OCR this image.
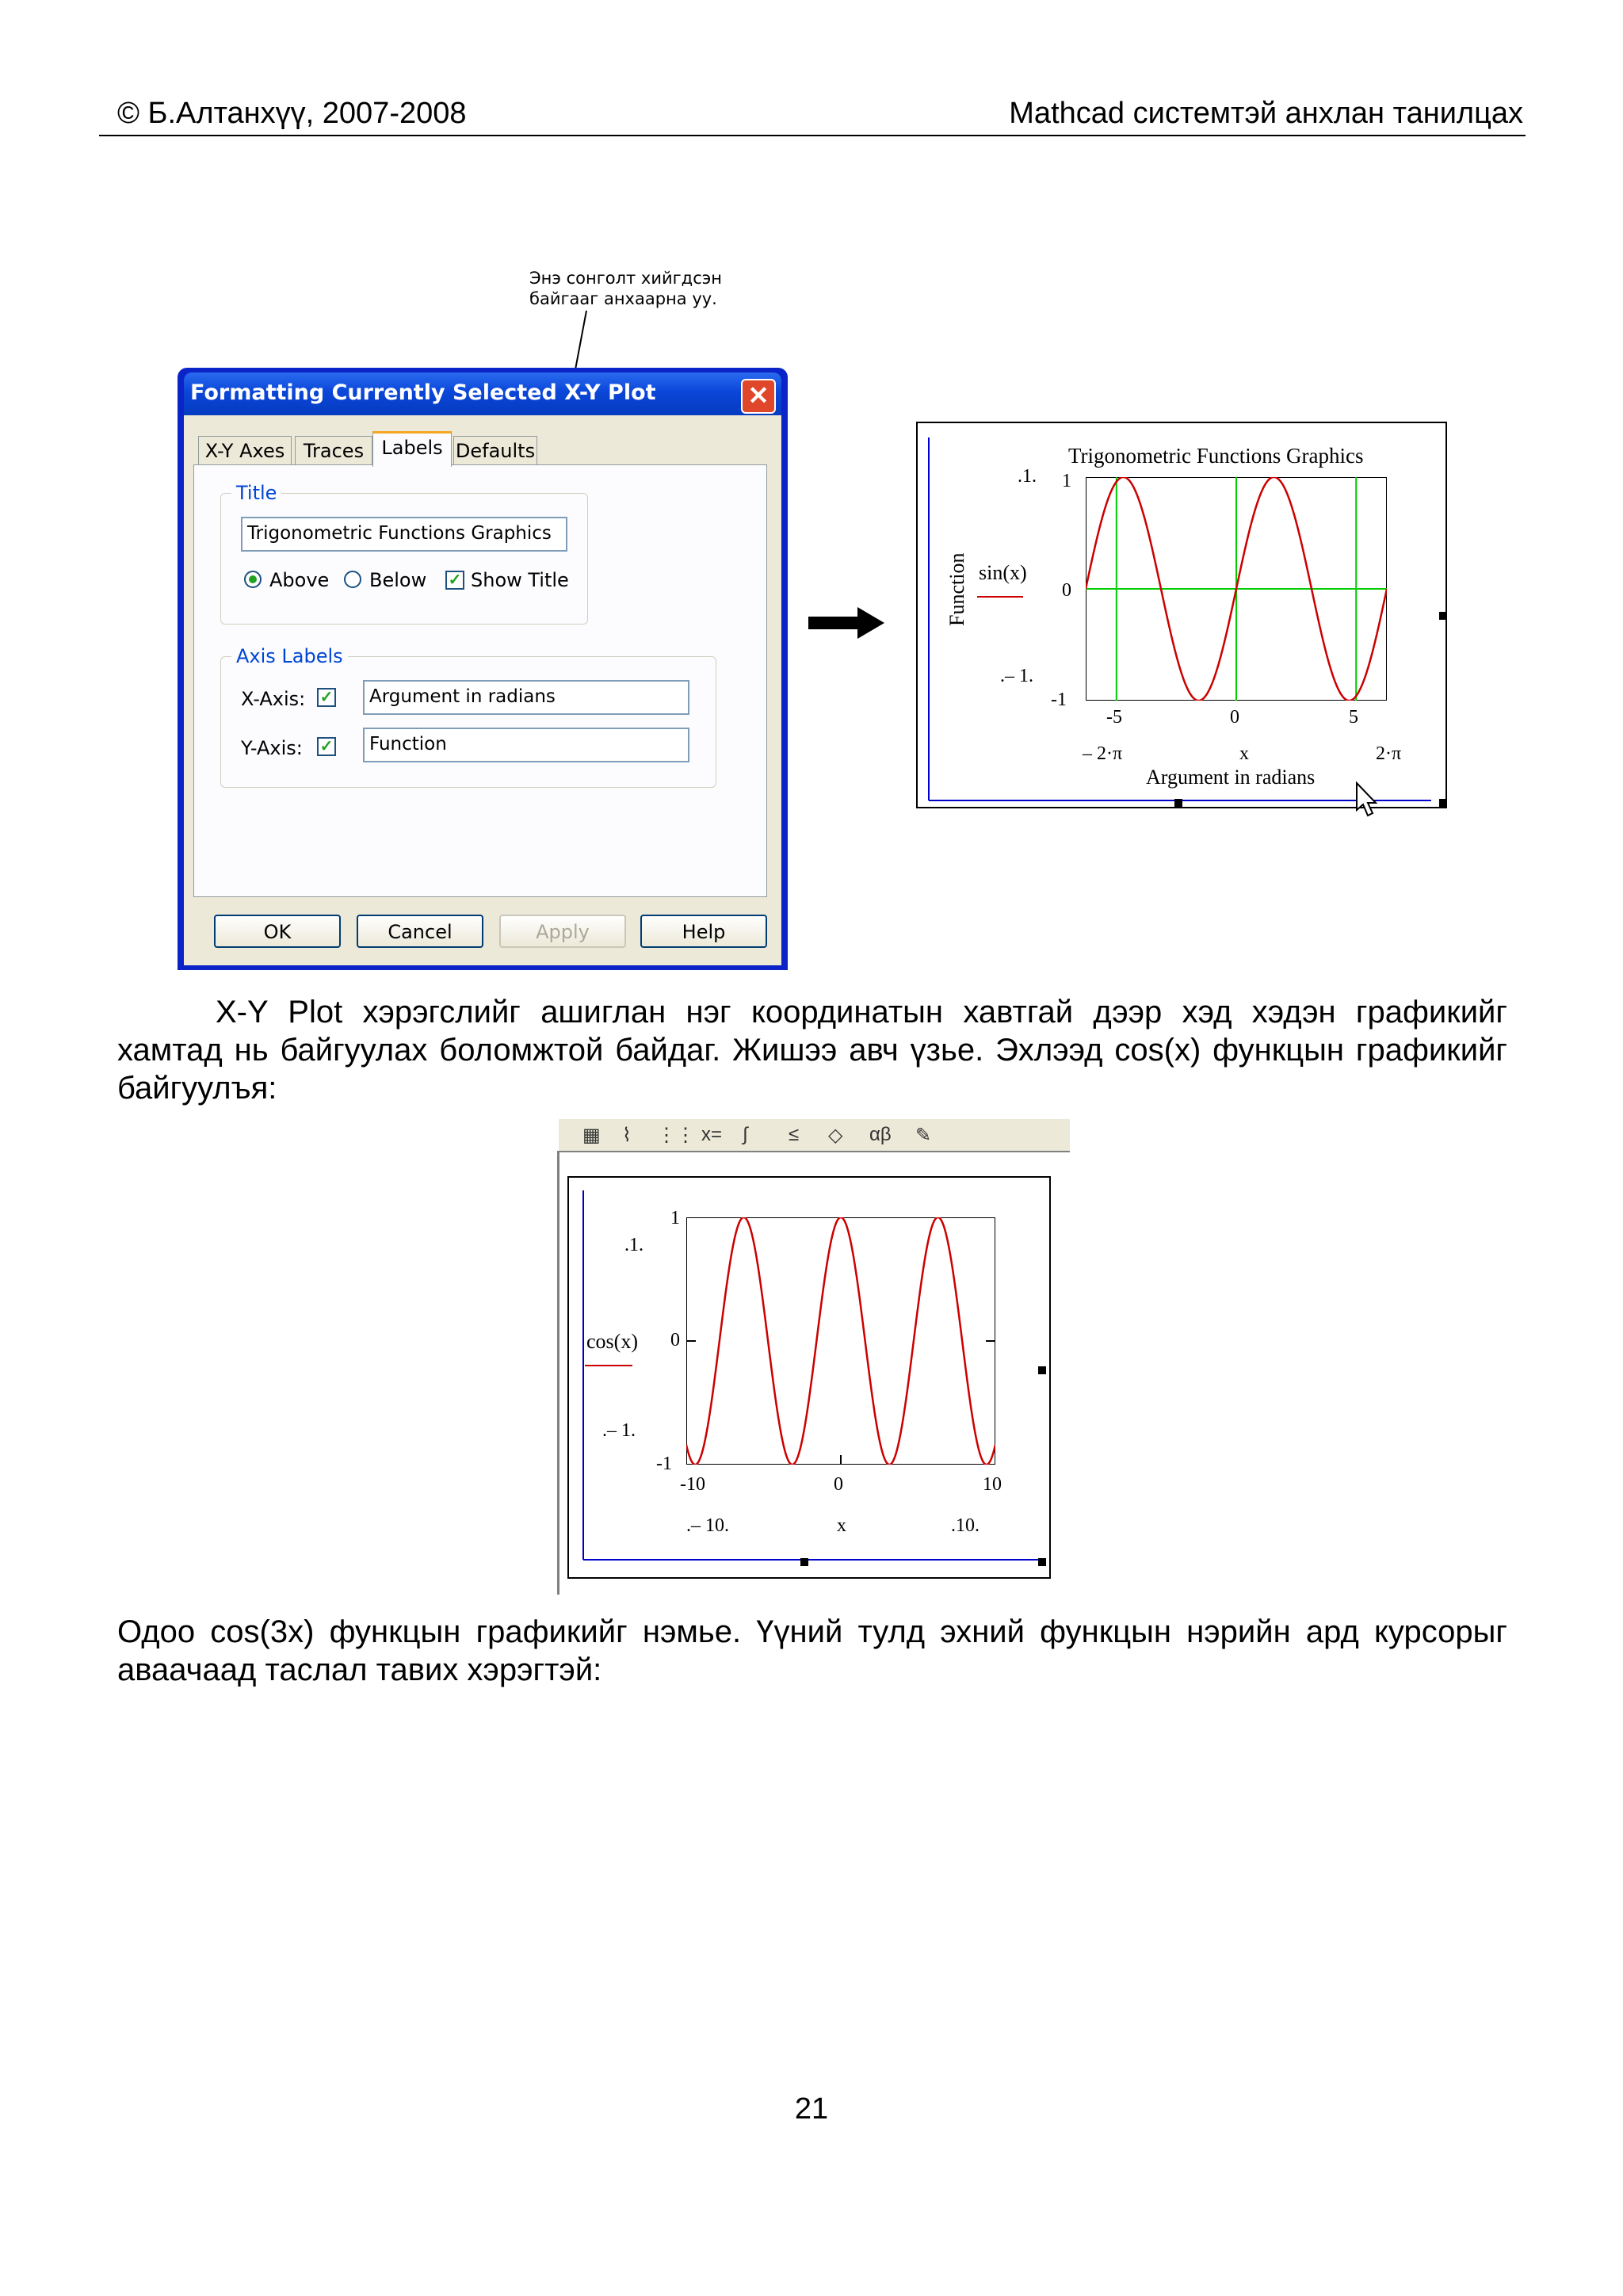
© Б.Алтанхүү, 2007-2008	Mathcad системтэй анхлан танилцах
Энэ сонголт хийгдсэн
байгааг анхаарна уу.
Formatting Currently Selected X-Y Plot	✕
X-Y Axes Traces Labels Defaults
Title
Trigonometric Functions Graphics
Above Below ✓ Show Title
Axis Labels
X-Axis: ✓	Argument in radians
Y-Axis: ✓	Function
OK	Cancel	Apply	Help
Trigonometric Functions Graphics
Function sin(x)
.1.
.– 1.
1
0
-1
-5	0	5
– 2·π	x	2·π
Argument in radians
X-Y Plot хэрэгслийг ашиглан нэг координатын хавтгай дээр хэд хэдэн графикийг хамтад нь байгуулах боломжтой байдаг. Жишээ авч үзье. Эхлээд cos(x) функцын графикийг байгуулъя:
▦ ⌇ ⋮⋮ x= ∫ ≤ ◇ αβ ✎
.1.
.– 1.
cos(x)
1
0
-1
-10	0	10
.– 10.	x	.10.
Одоо cos(3x) функцын графикийг нэмье. Үүний тулд эхний функцын нэрийн ард курсорыг аваачаад таслал тавих хэрэгтэй:
21
